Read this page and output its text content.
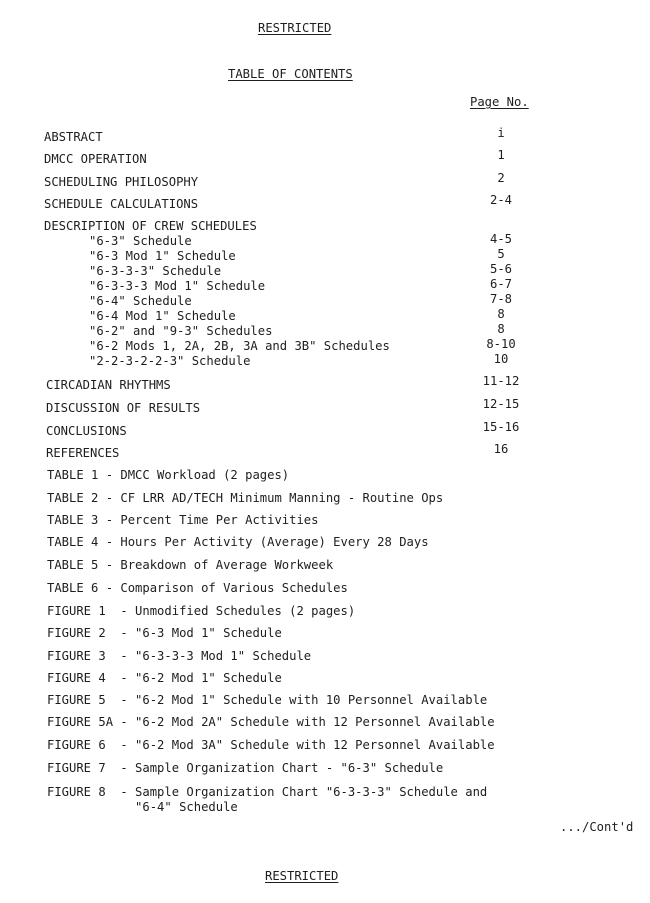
RESTRICTED
TABLE OF CONTENTS
Page No.
ABSTRACT	i
DMCC OPERATION	1
SCHEDULING PHILOSOPHY	2
SCHEDULE CALCULATIONS	2-4
DESCRIPTION OF CREW SCHEDULES
"6-3" Schedule	4-5
"6-3 Mod 1" Schedule	5
"6-3-3-3" Schedule	5-6
"6-3-3-3 Mod 1" Schedule	6-7
"6-4" Schedule	7-8
"6-4 Mod 1" Schedule	8
"6-2" and "9-3" Schedules	8
"6-2 Mods 1, 2A, 2B, 3A and 3B" Schedules	8-10
"2-2-3-2-2-3" Schedule	10
CIRCADIAN RHYTHMS	11-12
DISCUSSION OF RESULTS	12-15
CONCLUSIONS	15-16
REFERENCES	16
TABLE 1 - DMCC Workload (2 pages)
TABLE 2 - CF LRR AD/TECH Minimum Manning - Routine Ops
TABLE 3 - Percent Time Per Activities
TABLE 4 - Hours Per Activity (Average) Every 28 Days
TABLE 5 - Breakdown of Average Workweek
TABLE 6 - Comparison of Various Schedules
FIGURE 1  - Unmodified Schedules (2 pages)
FIGURE 2  - "6-3 Mod 1" Schedule
FIGURE 3  - "6-3-3-3 Mod 1" Schedule
FIGURE 4  - "6-2 Mod 1" Schedule
FIGURE 5  - "6-2 Mod 1" Schedule with 10 Personnel Available
FIGURE 5A - "6-2 Mod 2A" Schedule with 12 Personnel Available
FIGURE 6  - "6-2 Mod 3A" Schedule with 12 Personnel Available
FIGURE 7  - Sample Organization Chart - "6-3" Schedule
FIGURE 8  - Sample Organization Chart "6-3-3-3" Schedule and
"6-4" Schedule
.../Cont'd
RESTRICTED
